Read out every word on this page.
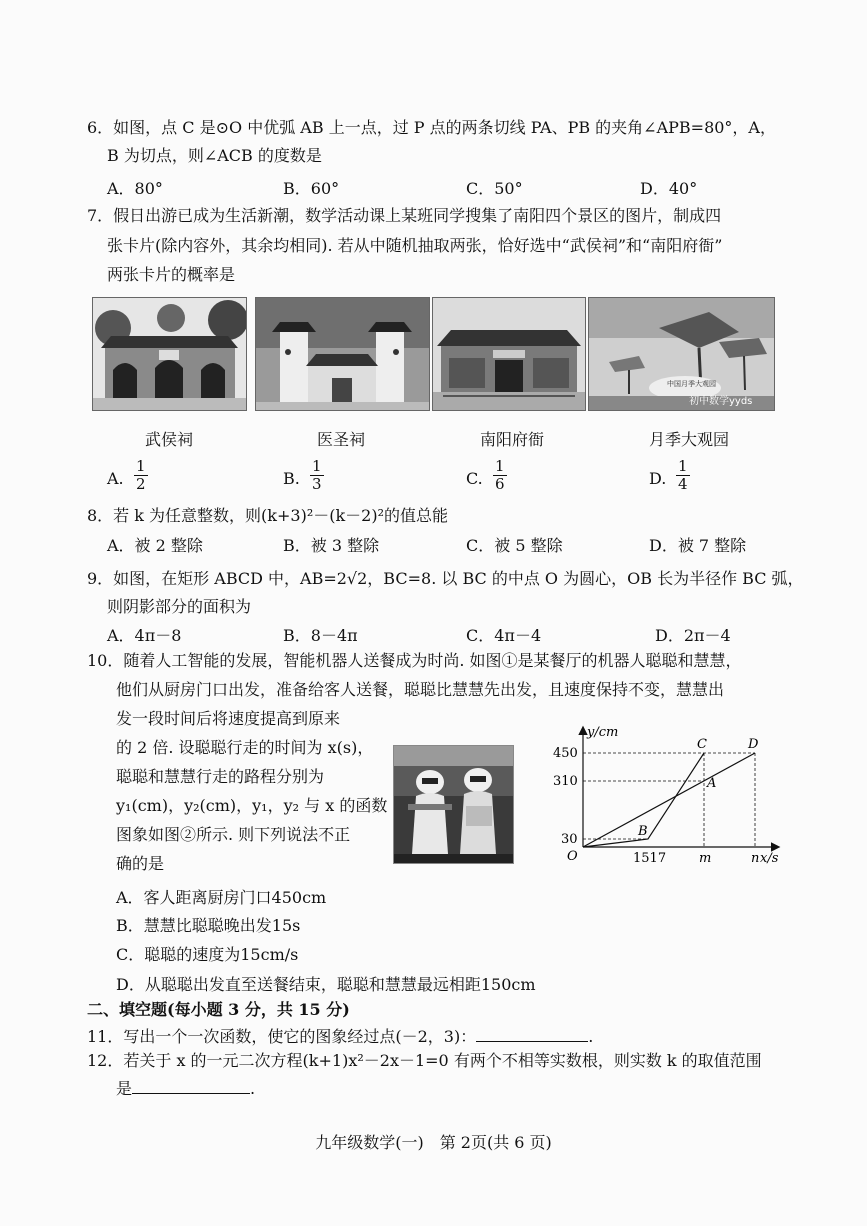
6．如图，点 C 是⊙O 中优弧 AB 上一点，过 P 点的两条切线 PA、PB 的夹角∠APB=80°，A，
B 为切点，则∠ACB 的度数是
A．80°	B．60°	C．50°	D．40°
7．假日出游已成为生活新潮，数学活动课上某班同学搜集了南阳四个景区的图片，制成四
张卡片(除内容外，其余均相同). 若从中随机抽取两张，恰好选中“武侯祠”和“南阳府衙”
两张卡片的概率是
中国月季大观园
初中数学yyds
武侯祠	医圣祠	南阳府衙	月季大观园
A. $\frac{1}{2}$	B. $\frac{1}{3}$	C. $\frac{1}{6}$	D. $\frac{1}{4}$
8．若 k 为任意整数，则(k+3)²－(k－2)²的值总能
A．被 2 整除	B．被 3 整除	C．被 5 整除	D．被 7 整除
9．如图，在矩形 ABCD 中，AB=2√2，BC=8. 以 BC 的中点 O 为圆心，OB 长为半径作 BC 弧，
则阴影部分的面积为
A．4π－8	B．8－4π	C．4π－4	D．2π－4
10．随着人工智能的发展，智能机器人送餐成为时尚. 如图①是某餐厅的机器人聪聪和慧慧，
他们从厨房门口出发，准备给客人送餐，聪聪比慧慧先出发，且速度保持不变，慧慧出
发一段时间后将速度提高到原来
的 2 倍. 设聪聪行走的时间为 x(s)，
聪聪和慧慧行走的路程分别为
y₁(cm)，y₂(cm)，y₁，y₂ 与 x 的函数
图象如图②所示. 则下列说法不正
确的是
y/cm
x/s
450
310
30
O	1517	m	n
A
B
C	D
A．客人距离厨房门口450cm
B．慧慧比聪聪晚出发15s
C．聪聪的速度为15cm/s
D．从聪聪出发直至送餐结束，聪聪和慧慧最远相距150cm
二、填空题(每小题 3 分，共 15 分)
11．写出一个一次函数，使它的图象经过点(－2，3)：	.
12．若关于 x 的一元二次方程(k+1)x²－2x－1=0 有两个不相等实数根，则实数 k 的取值范围
是	.
九年级数学(一)　第 2页(共 6 页)
